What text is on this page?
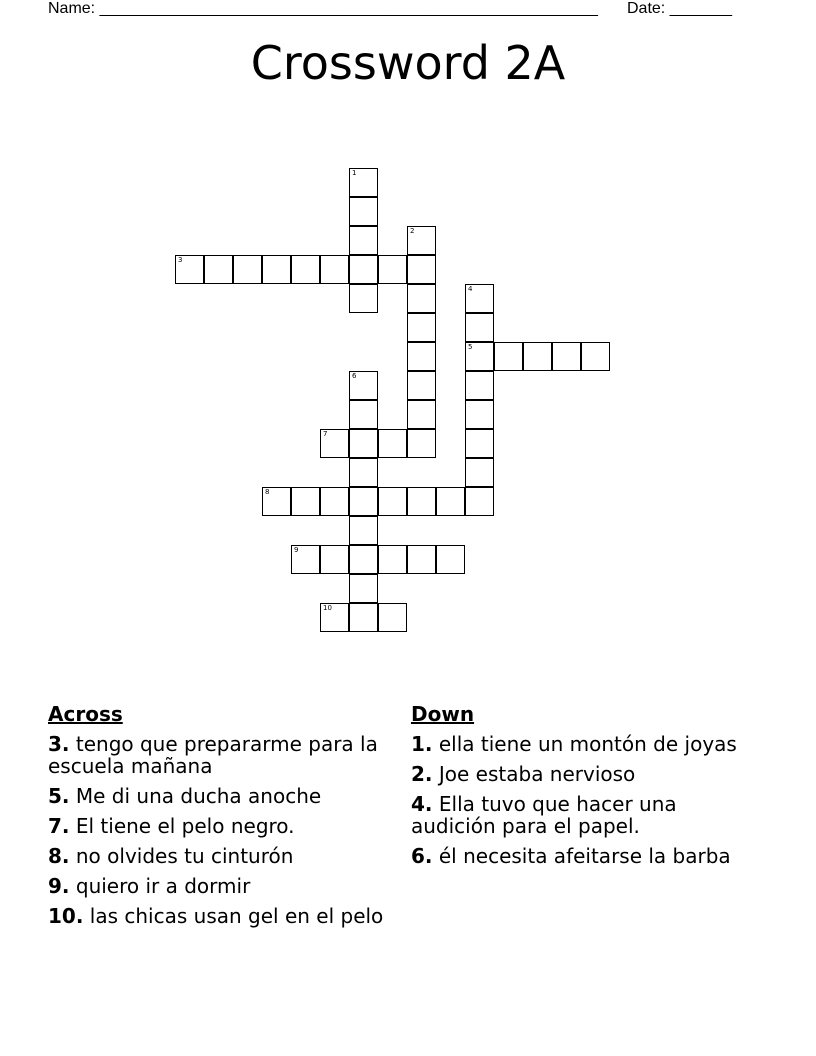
Name: ________________________________________________________ Date: _______
Crossword 2A
1
2
3
4
5
6
7
8
9
10
Across
3. tengo que prepararme para la escuela mañana
5. Me di una ducha anoche
7. El tiene el pelo negro.
8. no olvides tu cinturón
9. quiero ir a dormir
10. las chicas usan gel en el pelo
Down
1. ella tiene un montón de joyas
2. Joe estaba nervioso
4. Ella tuvo que hacer una audición para el papel.
6. él necesita afeitarse la barba
